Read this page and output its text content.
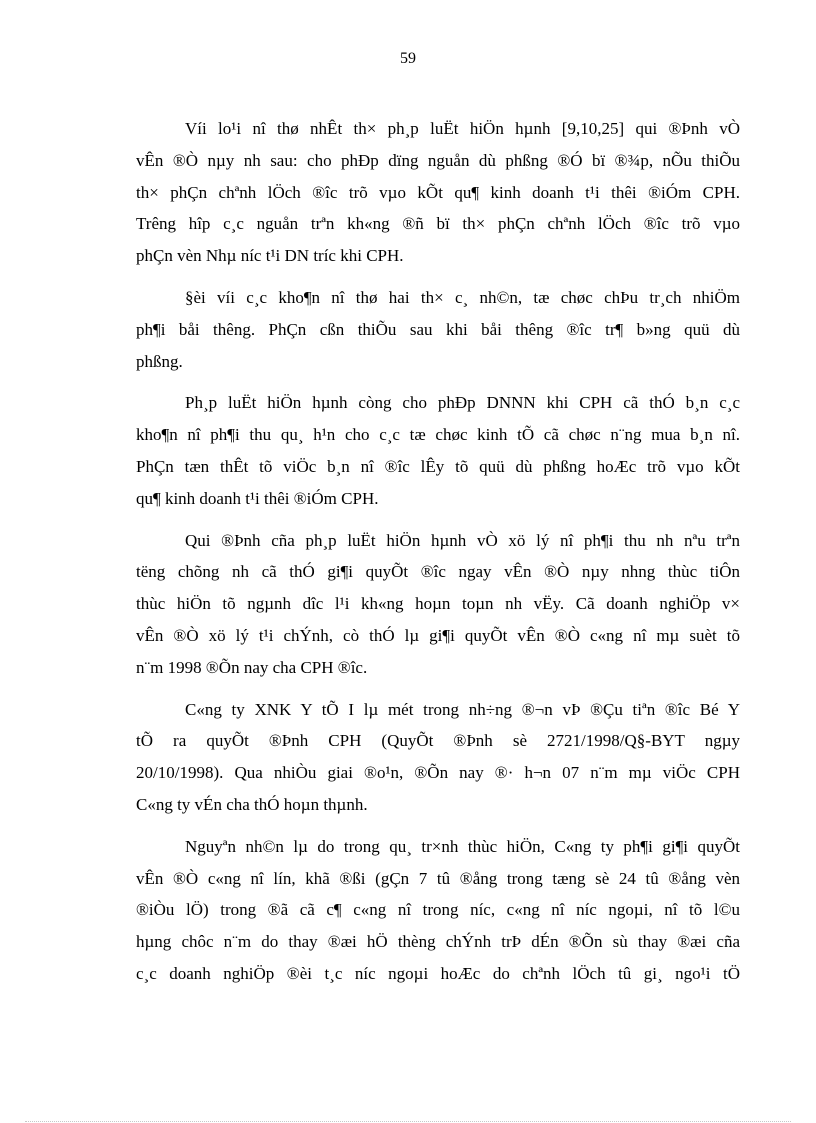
59
Víi lo¹i nî thø nhÊt th× ph¸p luËt hiÖn hµnh [9,10,25] qui ®Þnh vÒ
vÊn ®Ò nµy nh sau: cho phÐp dïng nguån dù phßng ®Ó bï ®¾p, nÕu thiÕu
th× phÇn chªnh lÖch ®îc trõ vµo kÕt qu¶ kinh doanh t¹i thêi ®iÓm CPH.
Trêng hîp c¸c nguån trªn kh«ng ®ñ bï th× phÇn chªnh lÖch ®îc trõ vµo
phÇn vèn Nhµ níc t¹i DN tríc khi CPH.
§èi víi c¸c kho¶n nî thø hai th× c¸ nh©n, tæ chøc chÞu tr¸ch nhiÖm
ph¶i båi thêng. PhÇn cßn thiÕu sau khi båi thêng ®îc tr¶ b»ng quü dù
phßng.
Ph¸p luËt hiÖn hµnh còng cho phÐp DNNN khi CPH cã thÓ b¸n c¸c
kho¶n nî ph¶i thu qu¸ h¹n cho c¸c tæ chøc kinh tÕ cã chøc n¨ng mua b¸n nî.
PhÇn tæn thÊt tõ viÖc b¸n nî ®îc lÊy tõ quü dù phßng hoÆc trõ vµo kÕt
qu¶ kinh doanh t¹i thêi ®iÓm CPH.
Qui ®Þnh cña ph¸p luËt hiÖn hµnh vÒ xö lý nî ph¶i thu nh nªu trªn
tëng chõng nh cã thÓ gi¶i quyÕt ®îc ngay vÊn ®Ò nµy nhng thùc tiÔn
thùc hiÖn tõ ngµnh dîc l¹i kh«ng hoµn toµn nh vËy. Cã doanh nghiÖp v×
vÊn ®Ò xö lý t¹i chÝnh, cò thÓ lµ gi¶i quyÕt vÊn ®Ò c«ng nî mµ suèt tõ
n¨m 1998 ®Õn nay cha CPH ®îc.
C«ng ty XNK Y tÕ I lµ mét trong nh÷ng ®¬n vÞ ®Çu tiªn ®îc Bé Y
tÕ ra quyÕt ®Þnh CPH (QuyÕt ®Þnh sè 2721/1998/Q§-BYT ngµy
20/10/1998). Qua nhiÒu giai ®o¹n, ®Õn nay ®· h¬n 07 n¨m mµ viÖc CPH
C«ng ty vÉn cha thÓ hoµn thµnh.
Nguyªn nh©n lµ do trong qu¸ tr×nh thùc hiÖn, C«ng ty ph¶i gi¶i quyÕt
vÊn ®Ò c«ng nî lín, khã ®ßi (gÇn 7 tû ®ång trong tæng sè 24 tû ®ång vèn
®iÒu lÖ) trong ®ã cã c¶ c«ng nî trong níc, c«ng nî níc ngoµi, nî tõ l©u
hµng chôc n¨m do thay ®æi hÖ thèng chÝnh trÞ dÉn ®Õn sù thay ®æi cña
c¸c doanh nghiÖp ®èi t¸c níc ngoµi hoÆc do chªnh lÖch tû gi¸ ngo¹i tÖ
